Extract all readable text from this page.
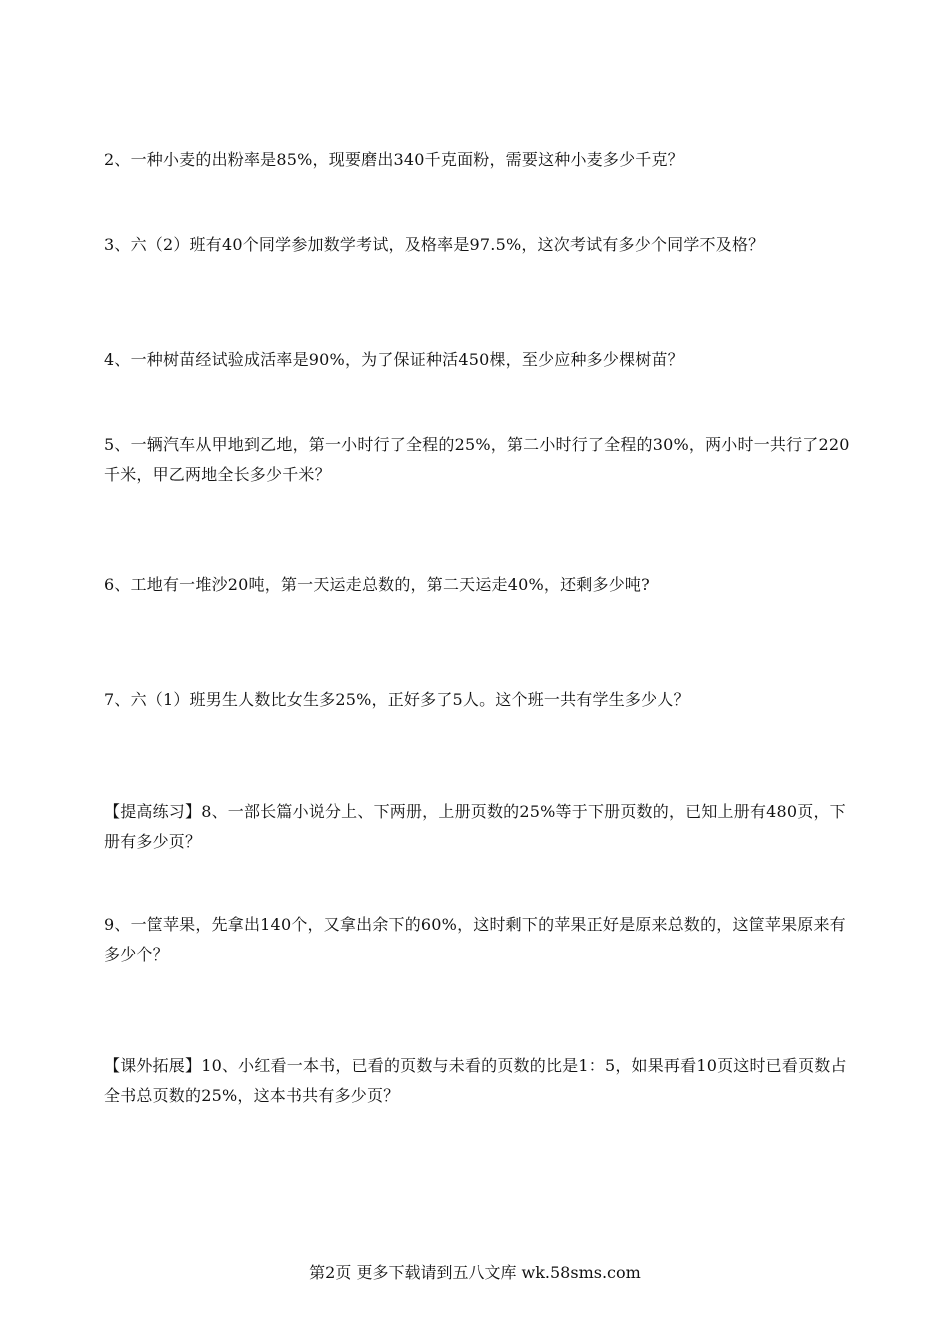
2、一种小麦的出粉率是85%，现要磨出340千克面粉，需要这种小麦多少千克？

3、六（2）班有40个同学参加数学考试，及格率是97.5%，这次考试有多少个同学不及格？

4、一种树苗经试验成活率是90%，为了保证种活450棵，至少应种多少棵树苗？

5、一辆汽车从甲地到乙地，第一小时行了全程的25%，第二小时行了全程的30%，两小时一共行了220千米，甲乙两地全长多少千米？

6、工地有一堆沙20吨，第一天运走总数的，第二天运走40%，还剩多少吨?

7、六（1）班男生人数比女生多25%，正好多了5人。这个班一共有学生多少人？

【提高练习】8、一部长篇小说分上、下两册，上册页数的25%等于下册页数的，已知上册有480页，下册有多少页？

9、一筐苹果，先拿出140个，又拿出余下的60%，这时剩下的苹果正好是原来总数的，这筐苹果原来有多少个？

【课外拓展】10、小红看一本书，已看的页数与未看的页数的比是1：5，如果再看10页这时已看页数占全书总页数的25%，这本书共有多少页？

第2页 更多下载请到五八文库 wk.58sms.com
